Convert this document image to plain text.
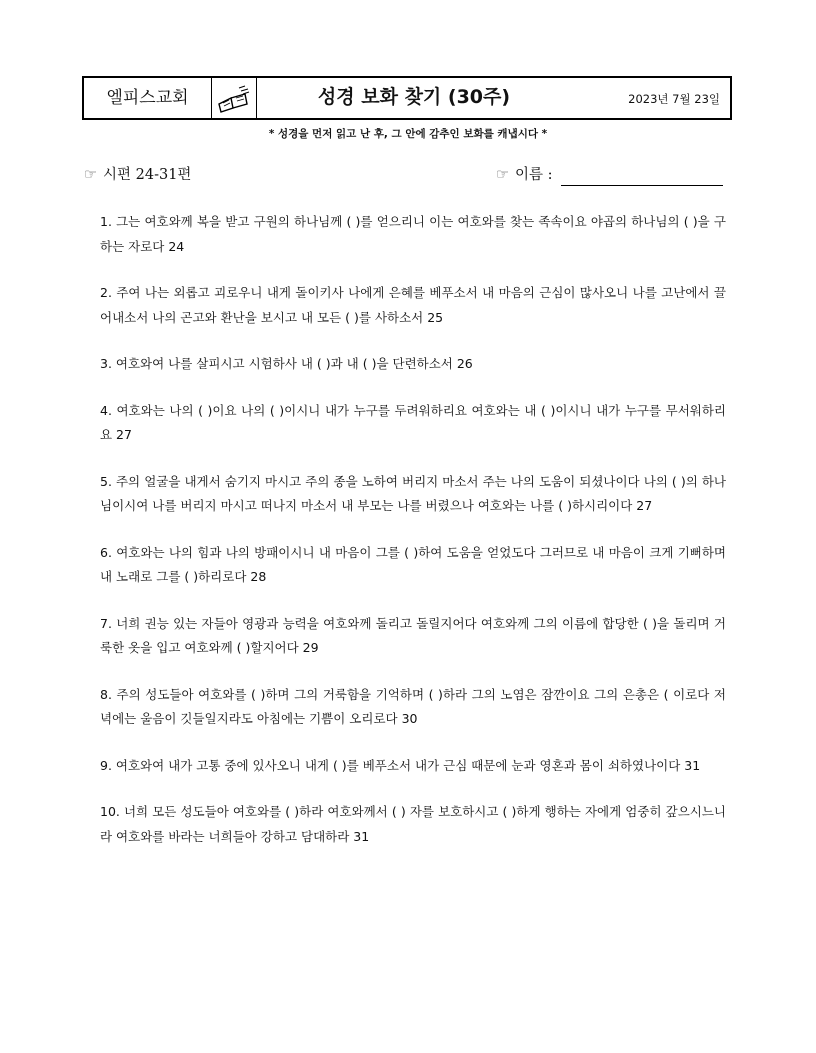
엘피스교회	성경 보화 찾기 (30주)	2023년 7월 23일
* 성경을 먼저 읽고 난 후, 그 안에 감추인 보화를 캐냅시다 *
☞ 시편 24-31편	☞ 이름 :

1. 그는 여호와께 복을 받고 구원의 하나님께 ( )를 얻으리니 이는 여호와를 찾는 족속이요 야곱의 하나님의 ( )을 구하는 자로다 24

2. 주여 나는 외롭고 괴로우니 내게 돌이키사 나에게 은혜를 베푸소서 내 마음의 근심이 많사오니 나를 고난에서 끌어내소서 나의 곤고와 환난을 보시고 내 모든 ( )를 사하소서 25

3. 여호와여 나를 살피시고 시험하사 내 ( )과 내 ( )을 단련하소서 26

4. 여호와는 나의 ( )이요 나의 ( )이시니 내가 누구를 두려워하리요 여호와는 내 ( )이시니 내가 누구를 무서워하리요 27

5. 주의 얼굴을 내게서 숨기지 마시고 주의 종을 노하여 버리지 마소서 주는 나의 도움이 되셨나이다 나의 ( )의 하나님이시여 나를 버리지 마시고 떠나지 마소서 내 부모는 나를 버렸으나 여호와는 나를 ( )하시리이다 27

6. 여호와는 나의 힘과 나의 방패이시니 내 마음이 그를 ( )하여 도움을 얻었도다 그러므로 내 마음이 크게 기뻐하며 내 노래로 그를 ( )하리로다 28

7. 너희 권능 있는 자들아 영광과 능력을 여호와께 돌리고 돌릴지어다 여호와께 그의 이름에 합당한 ( )을 돌리며 거룩한 옷을 입고 여호와께 ( )할지어다 29

8. 주의 성도들아 여호와를 ( )하며 그의 거룩함을 기억하며 ( )하라 그의 노염은 잠깐이요 그의 은총은 ( 이로다 저녁에는 울음이 깃들일지라도 아침에는 기쁨이 오리로다 30

9. 여호와여 내가 고통 중에 있사오니 내게 ( )를 베푸소서 내가 근심 때문에 눈과 영혼과 몸이 쇠하였나이다 31

10. 너희 모든 성도들아 여호와를 ( )하라 여호와께서 ( ) 자를 보호하시고 ( )하게 행하는 자에게 엄중히 갚으시느니라 여호와를 바라는 너희들아 강하고 담대하라 31
